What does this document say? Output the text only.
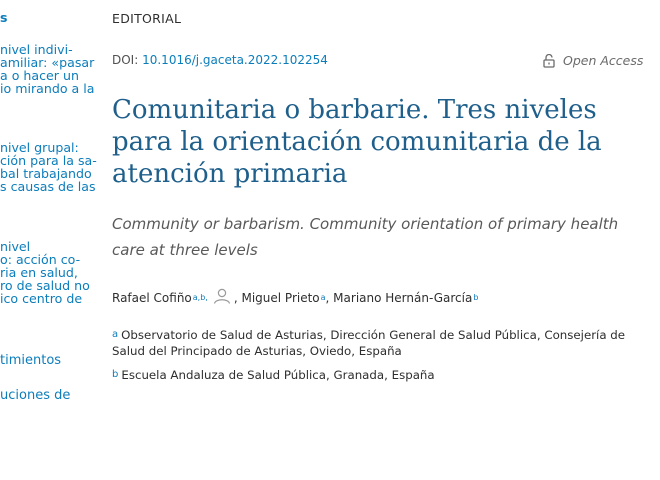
s
nivel indivi-
amiliar: «pasar
a o hacer un
io mirando a la
nivel grupal:
ción para la sa-
bal trabajando
s causas de las
nivel
o: acción co-
ria en salud,
ro de salud no
ico centro de
timientos
uciones de
EDITORIAL
DOI: 10.1016/j.gaceta.2022.102254	Open Access
Comunitaria o barbarie. Tres niveles para la orientación comunitaria de la atención primaria

Community or barbarism. Community orientation of primary health care at three levels

Rafael Cofiño a,b, , Miguel Prieto a , Mariano Hernán-García b
$^a$ Observatorio de Salud de Asturias, Dirección General de Salud Pública, Consejería de Salud del Principado de Asturias, Oviedo, España
$^b$ Escuela Andaluza de Salud Pública, Granada, España
